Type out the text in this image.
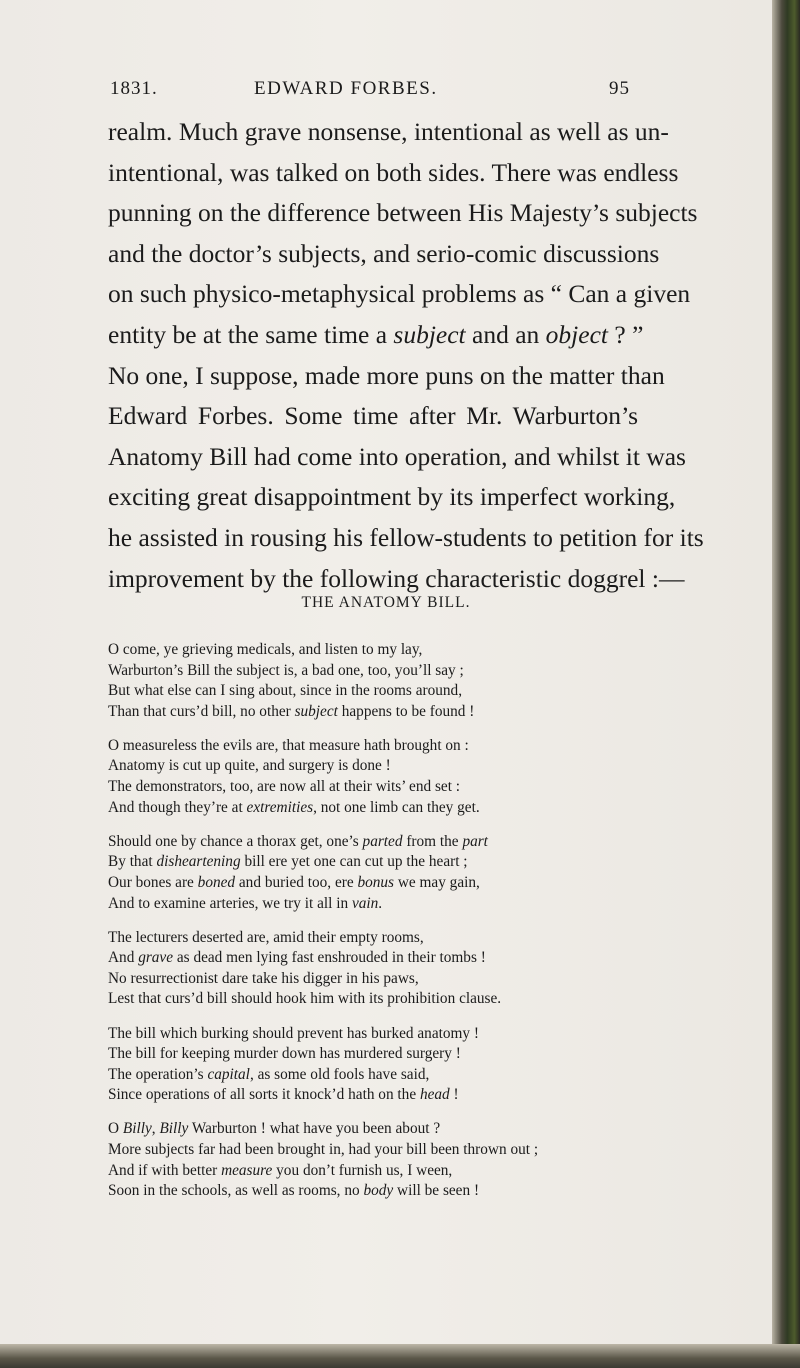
1831.	EDWARD FORBES.	95
realm. Much grave nonsense, intentional as well as un-
intentional, was talked on both sides. There was endless
punning on the difference between His Majesty’s subjects
and the doctor’s subjects, and serio-comic discussions
on such physico-metaphysical problems as “ Can a given
entity be at the same time a subject and an object ? ”
No one, I suppose, made more puns on the matter than
Edward Forbes. Some time after Mr. Warburton’s
Anatomy Bill had come into operation, and whilst it was
exciting great disappointment by its imperfect working,
he assisted in rousing his fellow-students to petition for its
improvement by the following characteristic doggrel :—
THE ANATOMY BILL.
O come, ye grieving medicals, and listen to my lay,
Warburton’s Bill the subject is, a bad one, too, you’ll say ;
But what else can I sing about, since in the rooms around,
Than that curs’d bill, no other subject happens to be found !
O measureless the evils are, that measure hath brought on :
Anatomy is cut up quite, and surgery is done !
The demonstrators, too, are now all at their wits’ end set :
And though they’re at extremities, not one limb can they get.
Should one by chance a thorax get, one’s parted from the part
By that disheartening bill ere yet one can cut up the heart ;
Our bones are boned and buried too, ere bonus we may gain,
And to examine arteries, we try it all in vain.
The lecturers deserted are, amid their empty rooms,
And grave as dead men lying fast enshrouded in their tombs !
No resurrectionist dare take his digger in his paws,
Lest that curs’d bill should hook him with its prohibition clause.
The bill which burking should prevent has burked anatomy !
The bill for keeping murder down has murdered surgery !
The operation’s capital, as some old fools have said,
Since operations of all sorts it knock’d hath on the head !
O Billy, Billy Warburton ! what have you been about ?
More subjects far had been brought in, had your bill been thrown out ;
And if with better measure you don’t furnish us, I ween,
Soon in the schools, as well as rooms, no body will be seen !
